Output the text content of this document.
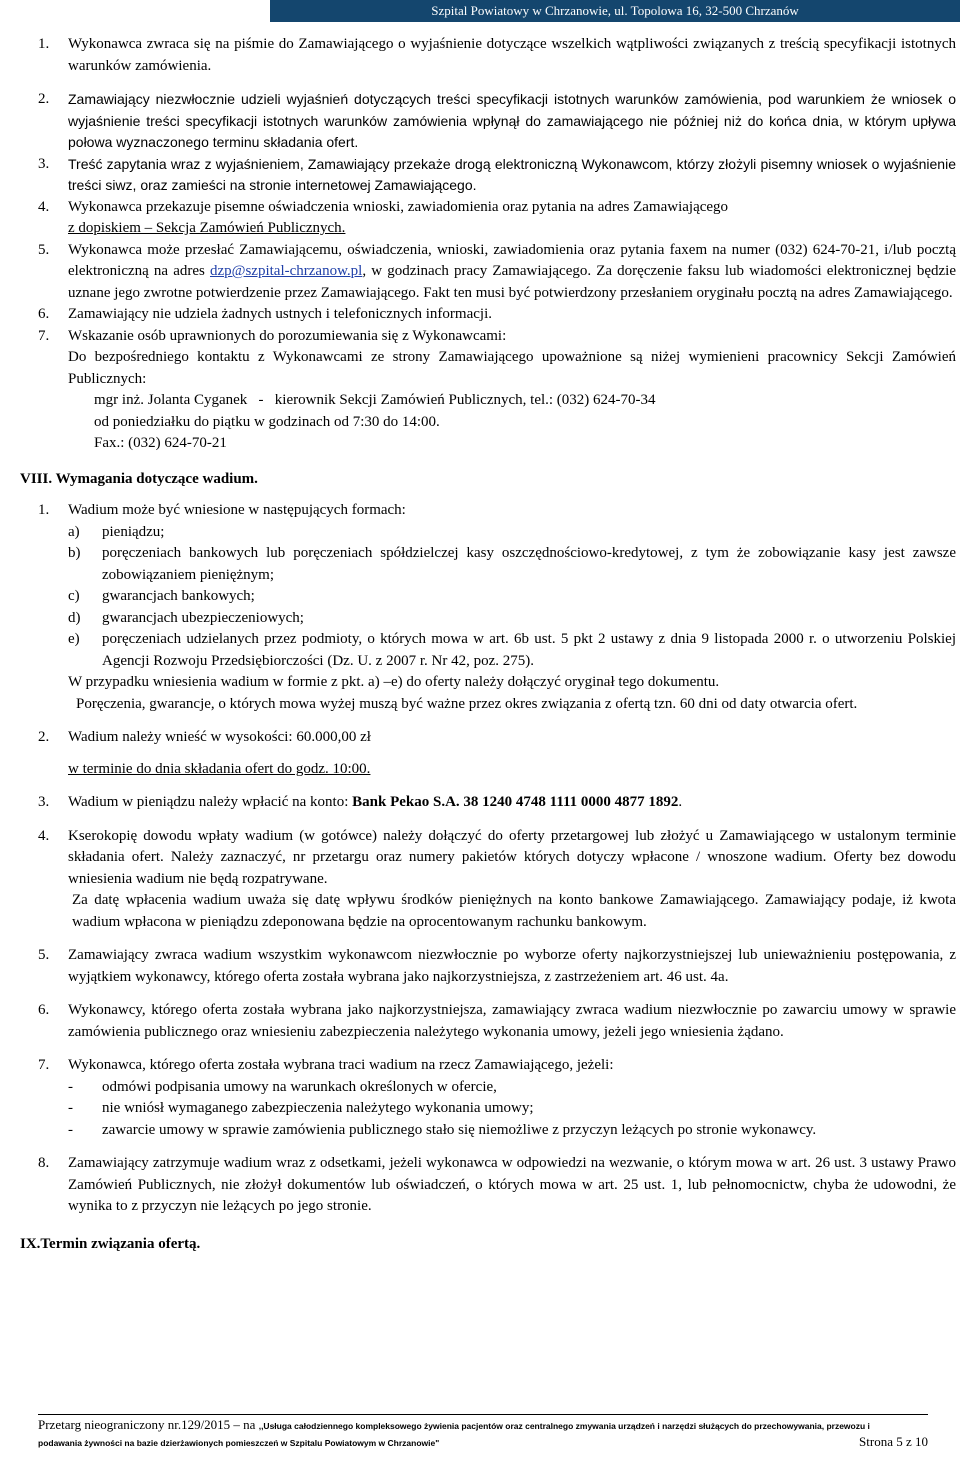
Szpital Powiatowy w Chrzanowie, ul. Topolowa 16, 32-500 Chrzanów
1.	Wykonawca zwraca się na piśmie do Zamawiającego o wyjaśnienie dotyczące wszelkich wątpliwości związanych z treścią specyfikacji istotnych warunków zamówienia.
2.	Zamawiający niezwłocznie udzieli wyjaśnień dotyczących treści specyfikacji istotnych warunków zamówienia, pod warunkiem że wniosek o wyjaśnienie treści specyfikacji istotnych warunków zamówienia wpłynął do zamawiającego nie później niż do końca dnia, w którym upływa połowa wyznaczonego terminu składania ofert.
3.	Treść zapytania wraz z wyjaśnieniem, Zamawiający przekaże drogą elektroniczną Wykonawcom, którzy złożyli pisemny wniosek o wyjaśnienie treści siwz, oraz zamieści na stronie internetowej Zamawiającego.
4.	Wykonawca przekazuje pisemne oświadczenia wnioski, zawiadomienia oraz pytania na adres Zamawiającego
z dopiskiem – Sekcja Zamówień Publicznych.
5.	Wykonawca może przesłać Zamawiającemu, oświadczenia, wnioski, zawiadomienia oraz pytania faxem na numer (032) 624-70-21, i/lub pocztą elektroniczną na adres dzp@szpital-chrzanow.pl, w godzinach pracy Zamawiającego. Za doręczenie faksu lub wiadomości elektronicznej będzie uznane jego zwrotne potwierdzenie przez Zamawiającego. Fakt ten musi być potwierdzony przesłaniem oryginału pocztą na adres Zamawiającego.
6.	Zamawiający nie udziela żadnych ustnych i telefonicznych informacji.
7.	Wskazanie osób uprawnionych do porozumiewania się z Wykonawcami:
Do bezpośredniego kontaktu z Wykonawcami ze strony Zamawiającego upoważnione są niżej wymienieni pracownicy Sekcji Zamówień Publicznych:
mgr inż. Jolanta Cyganek   -   kierownik Sekcji Zamówień Publicznych, tel.: (032) 624-70-34
od poniedziałku do piątku w godzinach od 7:30 do 14:00.
Fax.: (032) 624-70-21
VIII. Wymagania dotyczące wadium.
1.	Wadium może być wniesione w następujących formach:
a)	pieniądzu;
b)	poręczeniach bankowych lub poręczeniach spółdzielczej kasy oszczędnościowo-kredytowej, z tym że zobowiązanie kasy jest zawsze zobowiązaniem pieniężnym;
c)	gwarancjach bankowych;
d)	gwarancjach ubezpieczeniowych;
e)	poręczeniach udzielanych przez podmioty, o których mowa w art. 6b ust. 5 pkt 2 ustawy z dnia 9 listopada 2000 r. o utworzeniu Polskiej Agencji Rozwoju Przedsiębiorczości (Dz. U. z 2007 r. Nr 42, poz. 275).
W przypadku wniesienia wadium w formie z pkt. a) –e) do oferty należy dołączyć oryginał tego dokumentu.
Poręczenia, gwarancje, o których mowa wyżej muszą być ważne przez okres związania z ofertą tzn. 60 dni od daty otwarcia ofert.
2.	Wadium należy wnieść w wysokości: 60.000,00 zł
w terminie do dnia składania ofert do godz. 10:00.
3.	Wadium w pieniądzu należy wpłacić na konto: Bank Pekao S.A. 38 1240 4748 1111 0000 4877 1892.
4.	Kserokopię dowodu wpłaty wadium (w gotówce) należy dołączyć do oferty przetargowej lub złożyć u Zamawiającego w ustalonym terminie składania ofert. Należy zaznaczyć, nr przetargu oraz numery pakietów których dotyczy wpłacone / wnoszone wadium. Oferty bez dowodu wniesienia wadium nie będą rozpatrywane.
Za datę wpłacenia wadium uważa się datę wpływu środków pieniężnych na konto bankowe Zamawiającego. Zamawiający podaje, iż kwota wadium wpłacona w pieniądzu zdeponowana będzie na oprocentowanym rachunku bankowym.
5.	Zamawiający zwraca wadium wszystkim wykonawcom niezwłocznie po wyborze oferty najkorzystniejszej lub unieważnieniu postępowania, z wyjątkiem wykonawcy, którego oferta została wybrana jako najkorzystniejsza, z zastrzeżeniem art. 46 ust. 4a.
6.	Wykonawcy, którego oferta została wybrana jako najkorzystniejsza, zamawiający zwraca wadium niezwłocznie po zawarciu umowy w sprawie zamówienia publicznego oraz wniesieniu zabezpieczenia należytego wykonania umowy, jeżeli jego wniesienia żądano.
7.	Wykonawca, którego oferta została wybrana traci wadium na rzecz Zamawiającego, jeżeli:
-	odmówi podpisania umowy na warunkach określonych w ofercie,
-	nie wniósł wymaganego zabezpieczenia należytego wykonania umowy;
-	zawarcie umowy w sprawie zamówienia publicznego stało się niemożliwe z przyczyn leżących po stronie wykonawcy.
8.	Zamawiający zatrzymuje wadium wraz z odsetkami, jeżeli wykonawca w odpowiedzi na wezwanie, o którym mowa w art. 26 ust. 3 ustawy Prawo Zamówień Publicznych, nie złożył dokumentów lub oświadczeń, o których mowa w art. 25 ust. 1, lub pełnomocnictw, chyba że udowodni, że wynika to z przyczyn nie leżących po jego stronie.
IX.Termin związania ofertą.
Przetarg nieograniczony nr.129/2015 – na ,,Usługa całodziennego kompleksowego żywienia pacjentów oraz centralnego zmywania urządzeń i narzędzi służących do przechowywania, przewozu i
podawania żywności na bazie dzierżawionych pomieszczeń w Szpitalu Powiatowym w Chrzanowie"	Strona 5 z 10
